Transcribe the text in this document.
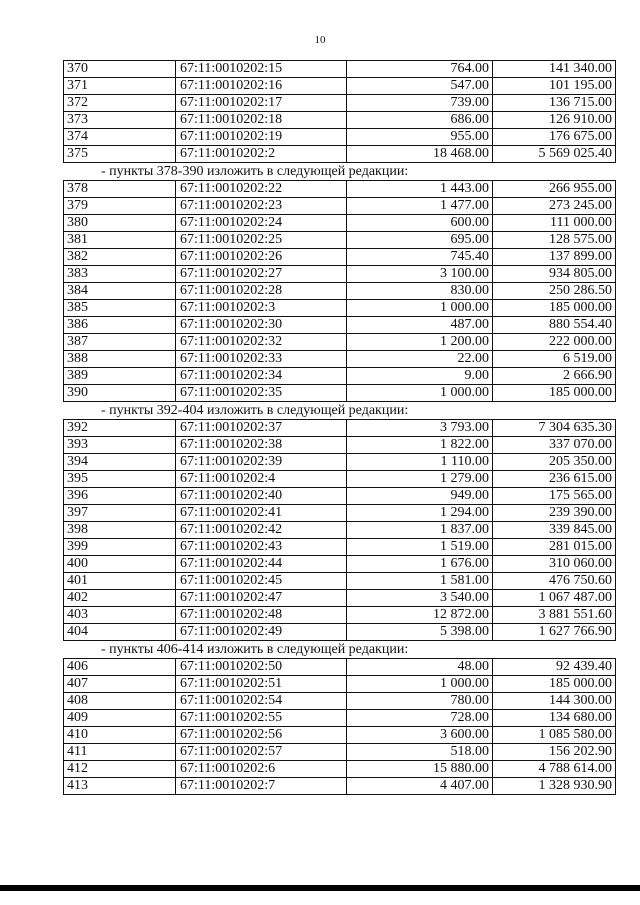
10
370	67:11:0010202:15	764.00	141 340.00
371	67:11:0010202:16	547.00	101 195.00
372	67:11:0010202:17	739.00	136 715.00
373	67:11:0010202:18	686.00	126 910.00
374	67:11:0010202:19	955.00	176 675.00
375	67:11:0010202:2	18 468.00	5 569 025.40
- пункты 378-390 изложить в следующей редакции:
378	67:11:0010202:22	1 443.00	266 955.00
379	67:11:0010202:23	1 477.00	273 245.00
380	67:11:0010202:24	600.00	111 000.00
381	67:11:0010202:25	695.00	128 575.00
382	67:11:0010202:26	745.40	137 899.00
383	67:11:0010202:27	3 100.00	934 805.00
384	67:11:0010202:28	830.00	250 286.50
385	67:11:0010202:3	1 000.00	185 000.00
386	67:11:0010202:30	487.00	880 554.40
387	67:11:0010202:32	1 200.00	222 000.00
388	67:11:0010202:33	22.00	6 519.00
389	67:11:0010202:34	9.00	2 666.90
390	67:11:0010202:35	1 000.00	185 000.00
- пункты 392-404 изложить в следующей редакции:
392	67:11:0010202:37	3 793.00	7 304 635.30
393	67:11:0010202:38	1 822.00	337 070.00
394	67:11:0010202:39	1 110.00	205 350.00
395	67:11:0010202:4	1 279.00	236 615.00
396	67:11:0010202:40	949.00	175 565.00
397	67:11:0010202:41	1 294.00	239 390.00
398	67:11:0010202:42	1 837.00	339 845.00
399	67:11:0010202:43	1 519.00	281 015.00
400	67:11:0010202:44	1 676.00	310 060.00
401	67:11:0010202:45	1 581.00	476 750.60
402	67:11:0010202:47	3 540.00	1 067 487.00
403	67:11:0010202:48	12 872.00	3 881 551.60
404	67:11:0010202:49	5 398.00	1 627 766.90
- пункты 406-414 изложить в следующей редакции:
406	67:11:0010202:50	48.00	92 439.40
407	67:11:0010202:51	1 000.00	185 000.00
408	67:11:0010202:54	780.00	144 300.00
409	67:11:0010202:55	728.00	134 680.00
410	67:11:0010202:56	3 600.00	1 085 580.00
411	67:11:0010202:57	518.00	156 202.90
412	67:11:0010202:6	15 880.00	4 788 614.00
413	67:11:0010202:7	4 407.00	1 328 930.90
